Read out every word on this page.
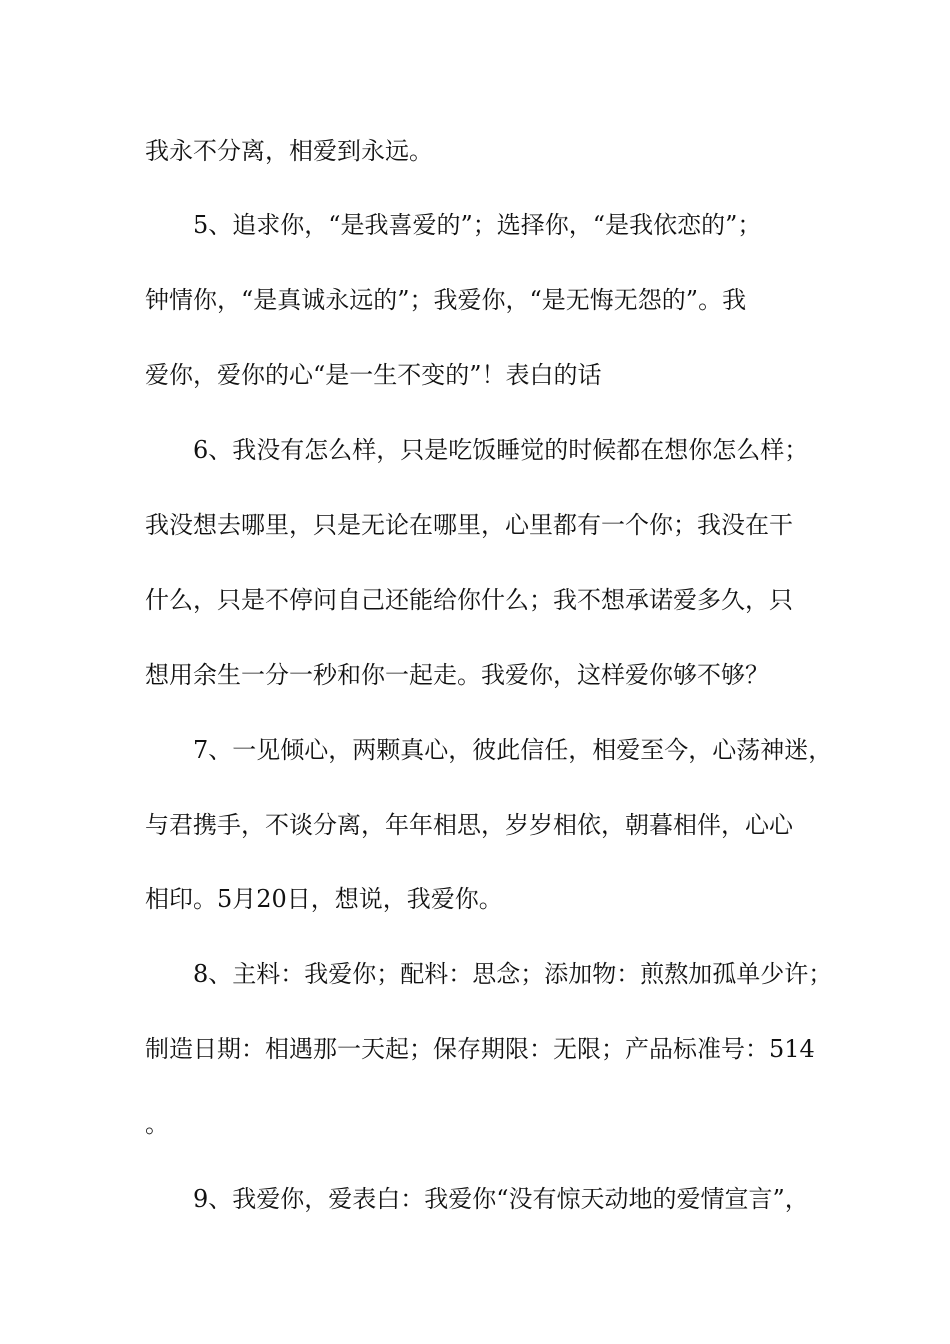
我永不分离，相爱到永远。
　　5、追求你，“是我喜爱的”；选择你，“是我依恋的”；
钟情你，“是真诚永远的”；我爱你，“是无悔无怨的”。我
爱你，爱你的心“是一生不变的”！表白的话
　　6、我没有怎么样，只是吃饭睡觉的时候都在想你怎么样；
我没想去哪里，只是无论在哪里，心里都有一个你；我没在干
什么，只是不停问自己还能给你什么；我不想承诺爱多久，只
想用余生一分一秒和你一起走。我爱你，这样爱你够不够？
　　7、一见倾心，两颗真心，彼此信任，相爱至今，心荡神迷，
与君携手，不谈分离，年年相思，岁岁相依，朝暮相伴，心心
相印。5月20日，想说，我爱你。
　　8、主料：我爱你；配料：思念；添加物：煎熬加孤单少许；
制造日期：相遇那一天起；保存期限：无限；产品标准号：514
。
　　9、我爱你，爱表白：我爱你“没有惊天动地的爱情宣言”，
